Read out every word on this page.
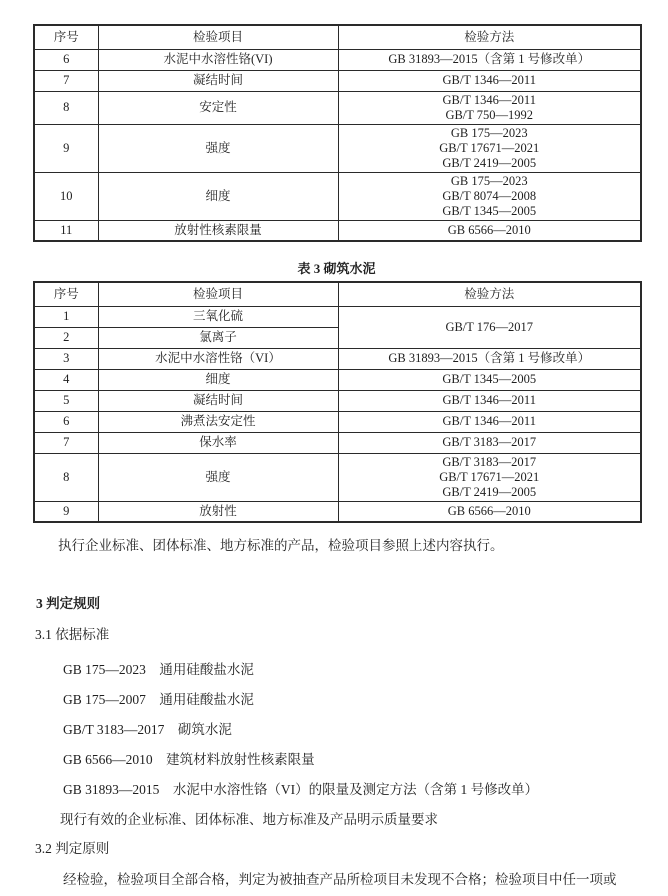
序号	检验项目	检验方法
6	水泥中水溶性铬(VI)	GB 31893—2015（含第 1 号修改单）
7	凝结时间	GB/T 1346—2011
8	安定性	GB/T 1346—2011
GB/T 750—1992

9	强度	GB 175—2023
GB/T 17671—2021
GB/T 2419—2005

10	细度	GB 175—2023
GB/T 8074—2008
GB/T 1345—2005

11	放射性核素限量	GB 6566—2010
表 3 砌筑水泥
序号	检验项目	检验方法
1	三氧化硫	GB/T 176—2017
2	氯离子	
3	水泥中水溶性铬（VI）	GB 31893—2015（含第 1 号修改单）
4	细度	GB/T 1345—2005
5	凝结时间	GB/T 1346—2011
6	沸煮法安定性	GB/T 1346—2011
7	保水率	GB/T 3183—2017
8	强度	GB/T 3183—2017
GB/T 17671—2021
GB/T 2419—2005

9	放射性	GB 6566—2010

执行企业标准、团体标准、地方标准的产品，检验项目参照上述内容执行。

3 判定规则

3.1 依据标准

GB 175—2023　通用硅酸盐水泥

GB 175—2007　通用硅酸盐水泥

GB/T 3183—2017　砌筑水泥

GB 6566—2010　建筑材料放射性核素限量

GB 31893—2015　水泥中水溶性铬（VI）的限量及测定方法（含第 1 号修改单）

现行有效的企业标准、团体标准、地方标准及产品明示质量要求

3.2 判定原则

经检验，检验项目全部合格，判定为被抽查产品所检项目未发现不合格；检验项目中任一项或
